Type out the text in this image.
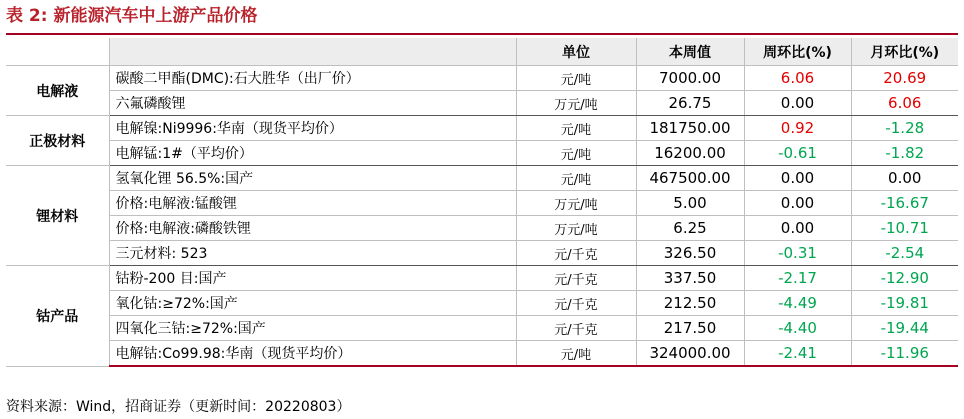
表 2: 新能源汽车中上游产品价格
		单位	本周值	周环比(%)	月环比(%)
电解液	碳酸二甲酯(DMC):石大胜华（出厂价）	元/吨	7000.00	6.06	20.69
	六氟磷酸锂	万元/吨	26.75	0.00	6.06
正极材料	电解镍:Ni9996:华南（现货平均价）	元/吨	181750.00	0.92	-1.28
	电解锰:1#（平均价）	元/吨	16200.00	-0.61	-1.82
锂材料	氢氧化锂 56.5%:国产	元/吨	467500.00	0.00	0.00
	价格:电解液:锰酸锂	万元/吨	5.00	0.00	-16.67
	价格:电解液:磷酸铁锂	万元/吨	6.25	0.00	-10.71
	三元材料: 523	元/千克	326.50	-0.31	-2.54
钴产品	钴粉-200 目:国产	元/千克	337.50	-2.17	-12.90
	氧化钴:≥72%:国产	元/千克	212.50	-4.49	-19.81
	四氧化三钴:≥72%:国产	元/千克	217.50	-4.40	-19.44
	电解钴:Co99.98:华南（现货平均价）	元/吨	324000.00	-2.41	-11.96
资料来源：Wind，招商证券（更新时间：20220803）
